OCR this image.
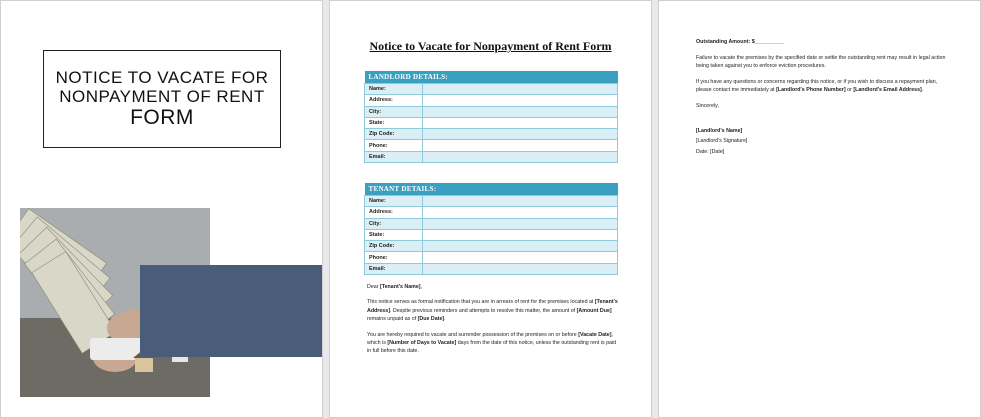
NOTICE TO VACATE FOR
NONPAYMENT OF RENT
FORM
Notice to Vacate for Nonpayment of Rent Form
LANDLORD DETAILS:	
Name:	
Address:	
City:	
State:	
Zip Code:	
Phone:	
Email:	
TENANT DETAILS:	
Name:	
Address:	
City:	
State:	
Zip Code:	
Phone:	
Email:	

Dear [Tenant's Name],

This notice serves as formal notification that you are in arrears of rent for the premises located at [Tenant's Address]. Despite previous reminders and attempts to resolve this matter, the amount of [Amount Due] remains unpaid as of [Due Date].

You are hereby required to vacate and surrender possession of the premises on or before [Vacate Date], which is [Number of Days to Vacate] days from the date of this notice, unless the outstanding rent is paid in full before this date.

Outstanding Amount: $__________

Failure to vacate the premises by the specified date or settle the outstanding rent may result in legal action being taken against you to enforce eviction procedures.

If you have any questions or concerns regarding this notice, or if you wish to discuss a repayment plan, please contact me immediately at [Landlord's Phone Number] or [Landlord's Email Address].

Sincerely,

[Landlord's Name]

[Landlord's Signature]

Date: [Date]
